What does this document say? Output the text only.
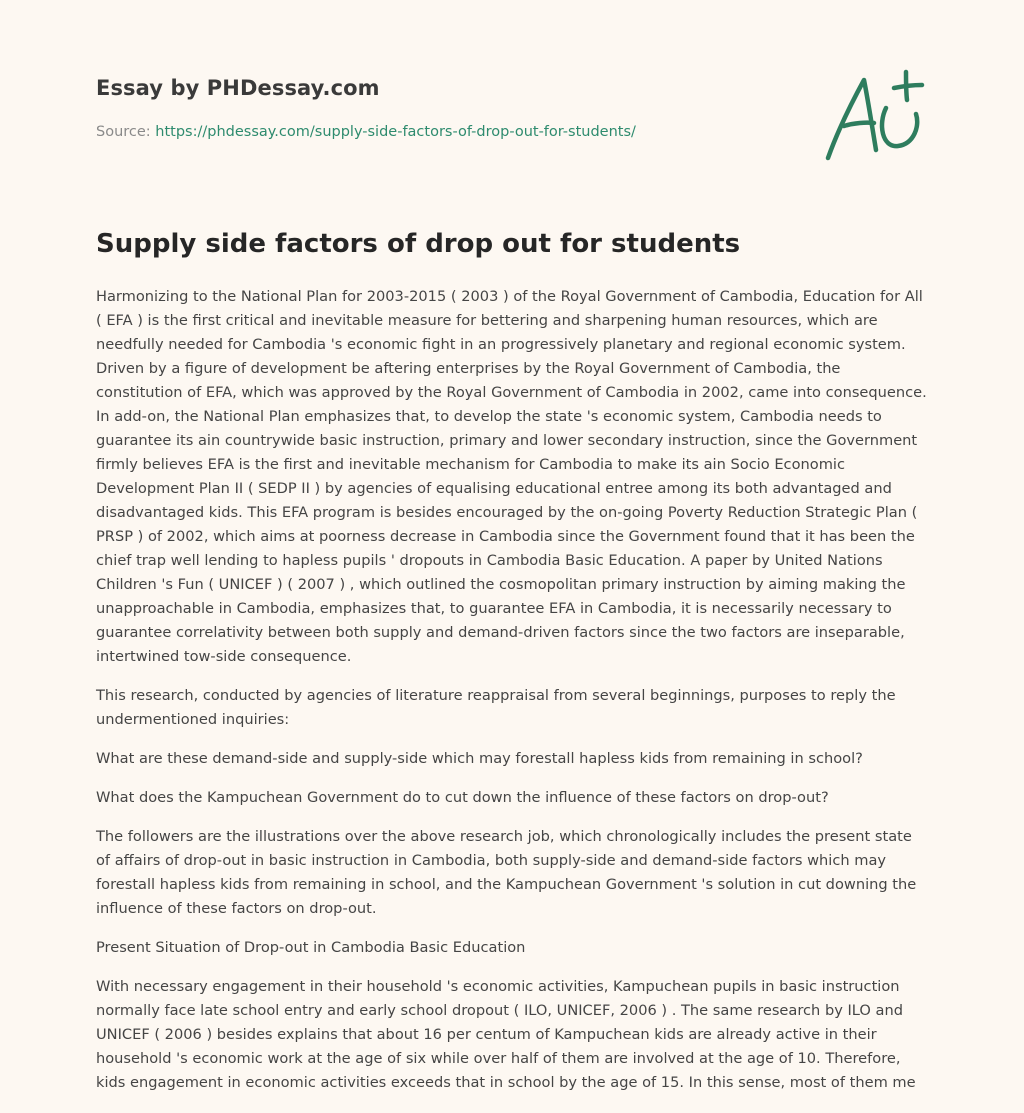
Essay by PHDessay.com
Source: https://phdessay.com/supply-side-factors-of-drop-out-for-students/
Supply side factors of drop out for students

Harmonizing to the National Plan for 2003-2015 ( 2003 ) of the Royal Government of Cambodia, Education for All ( EFA ) is the first critical and inevitable measure for bettering and sharpening human resources, which are needfully needed for Cambodia 's economic fight in an progressively planetary and regional economic system. Driven by a figure of development be aftering enterprises by the Royal Government of Cambodia, the constitution of EFA, which was approved by the Royal Government of Cambodia in 2002, came into consequence. In add-on, the National Plan emphasizes that, to develop the state 's economic system, Cambodia needs to guarantee its ain countrywide basic instruction, primary and lower secondary instruction, since the Government firmly believes EFA is the first and inevitable mechanism for Cambodia to make its ain Socio Economic Development Plan II ( SEDP II ) by agencies of equalising educational entree among its both advantaged and disadvantaged kids. This EFA program is besides encouraged by the on-going Poverty Reduction Strategic Plan ( PRSP ) of 2002, which aims at poorness decrease in Cambodia since the Government found that it has been the chief trap well lending to hapless pupils ' dropouts in Cambodia Basic Education. A paper by United Nations Children 's Fun ( UNICEF ) ( 2007 ) , which outlined the cosmopolitan primary instruction by aiming making the unapproachable in Cambodia, emphasizes that, to guarantee EFA in Cambodia, it is necessarily necessary to guarantee correlativity between both supply and demand-driven factors since the two factors are inseparable, intertwined tow-side consequence.

This research, conducted by agencies of literature reappraisal from several beginnings, purposes to reply the undermentioned inquiries:

What are these demand-side and supply-side which may forestall hapless kids from remaining in school?

What does the Kampuchean Government do to cut down the influence of these factors on drop-out?

The followers are the illustrations over the above research job, which chronologically includes the present state of affairs of drop-out in basic instruction in Cambodia, both supply-side and demand-side factors which may forestall hapless kids from remaining in school, and the Kampuchean Government 's solution in cut downing the influence of these factors on drop-out.

Present Situation of Drop-out in Cambodia Basic Education

With necessary engagement in their household 's economic activities, Kampuchean pupils in basic instruction normally face late school entry and early school dropout ( ILO, UNICEF, 2006 ) . The same research by ILO and UNICEF ( 2006 ) besides explains that about 16 per centum of Kampuchean kids are already active in their household 's economic work at the age of six while over half of them are involved at the age of 10. Therefore, kids engagement in economic activities exceeds that in school by the age of 15. In this sense, most of them me
